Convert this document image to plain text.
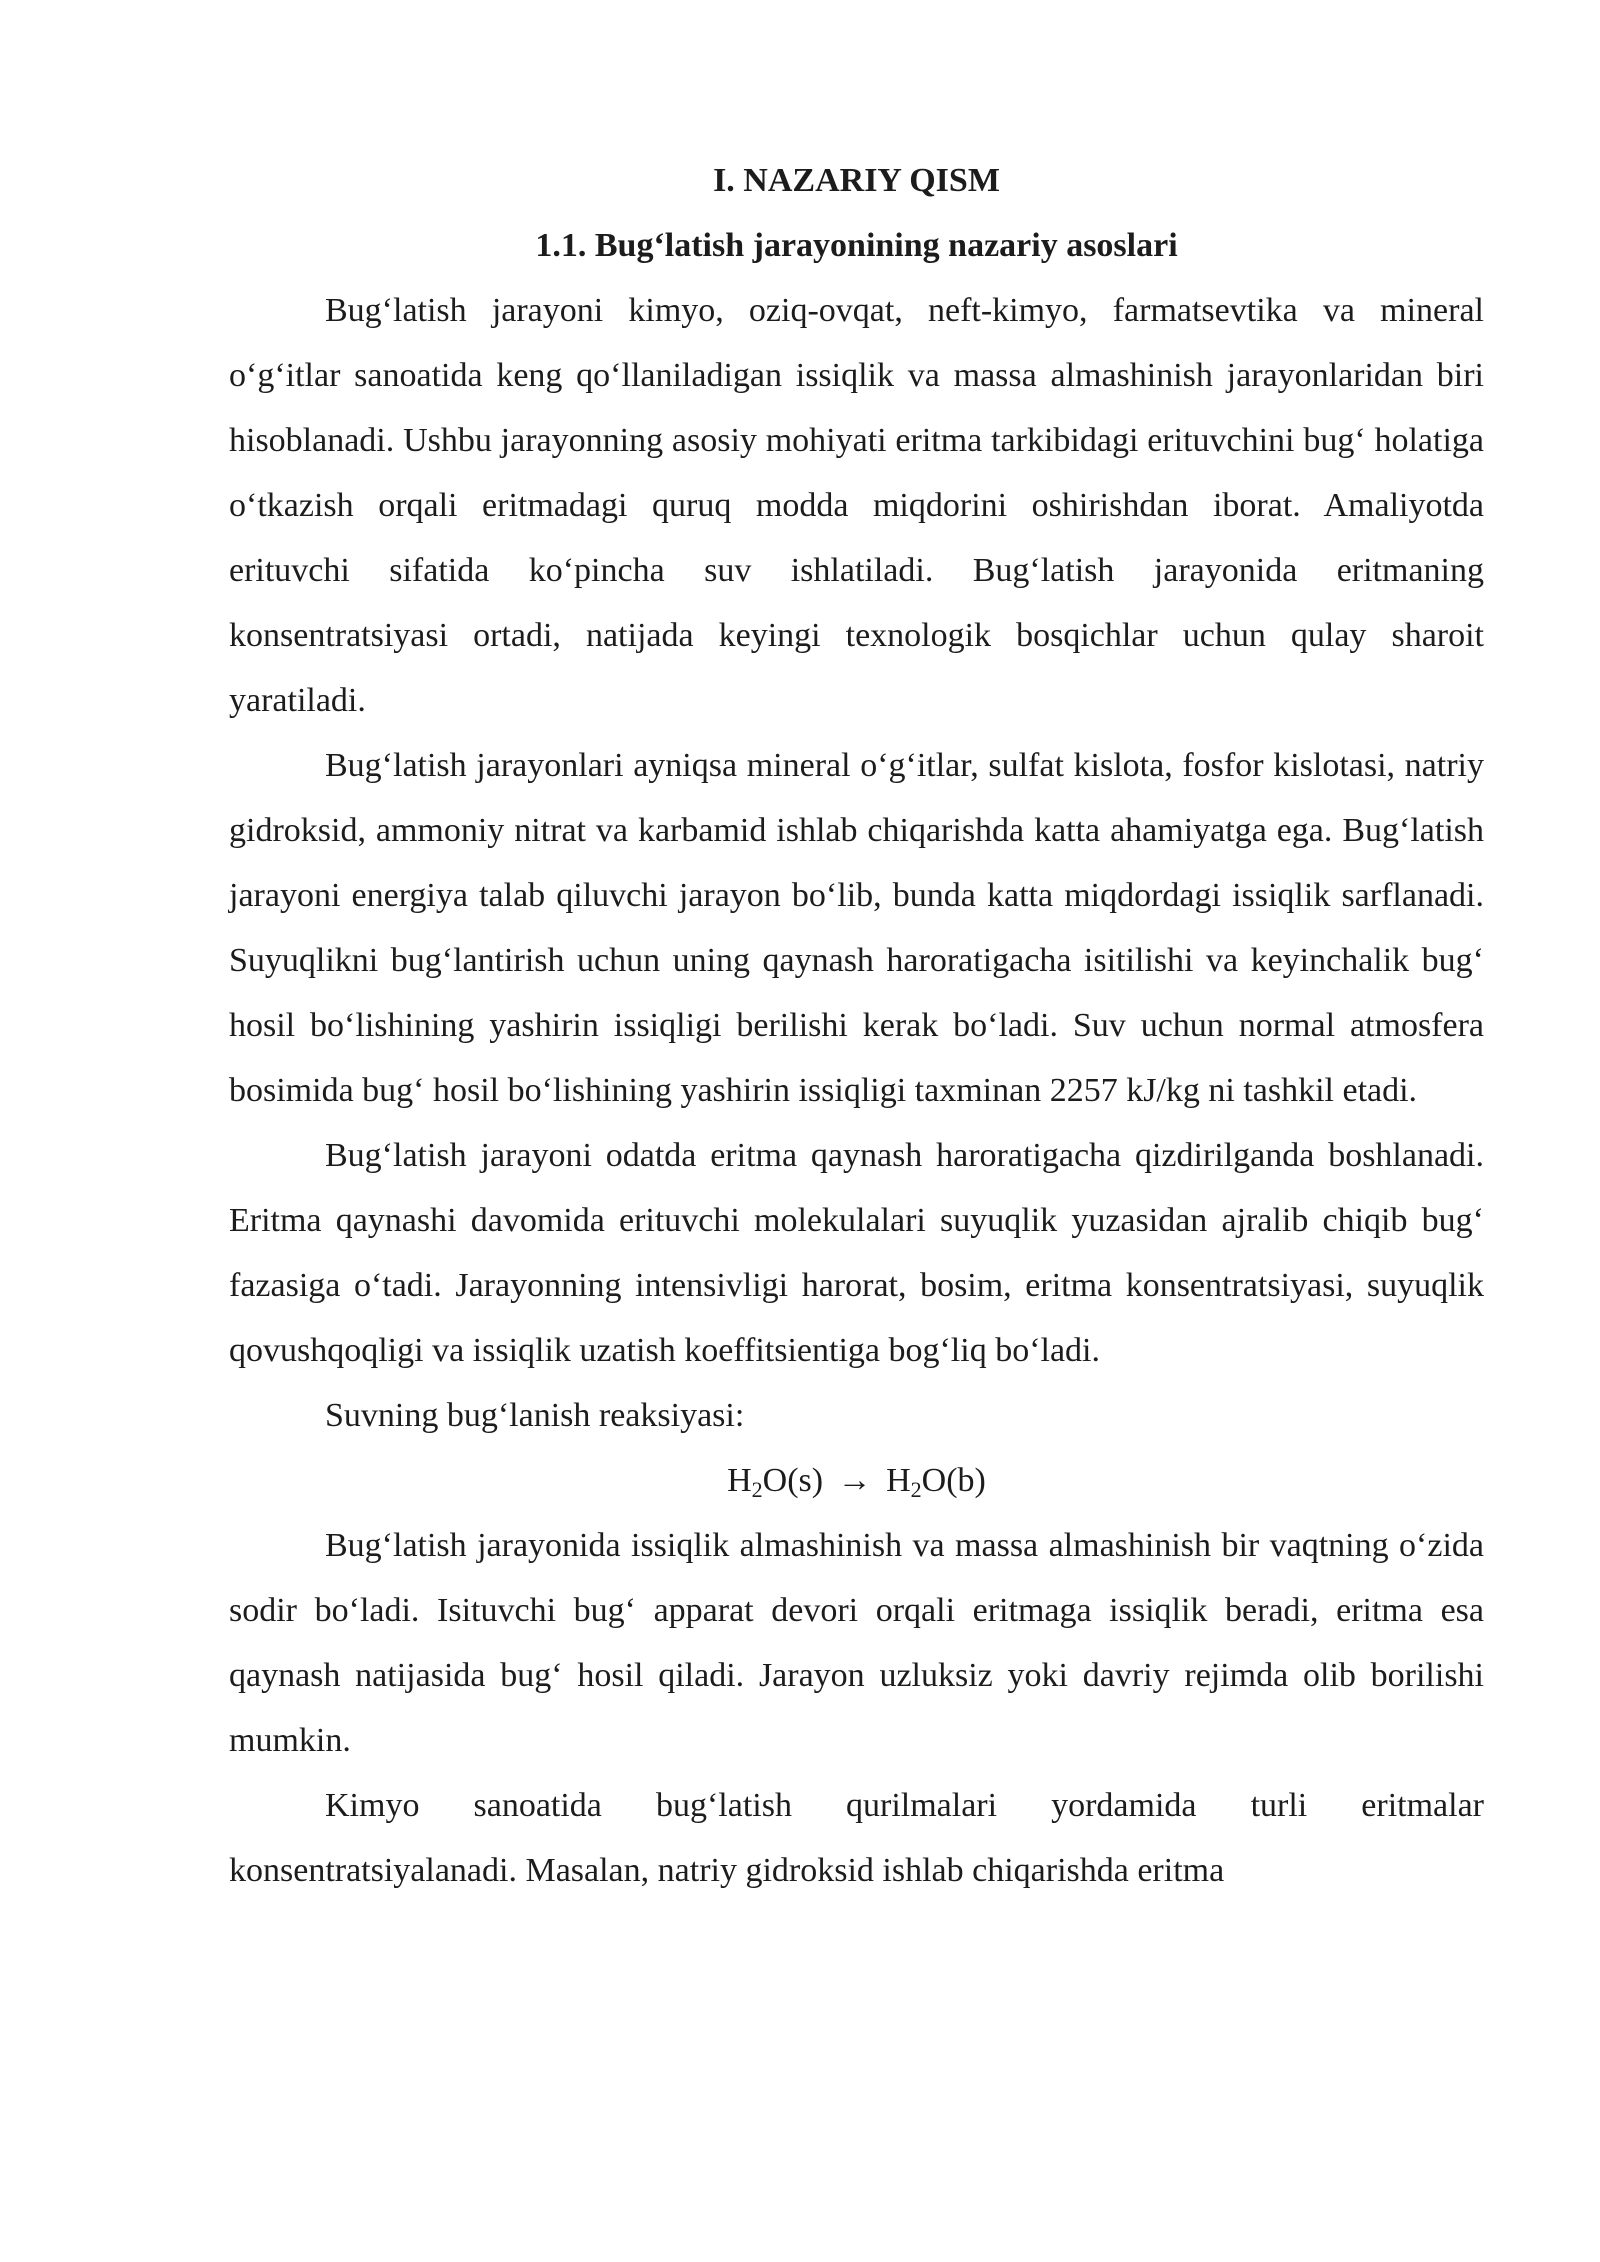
I. NAZARIY QISM
1.1. Bug‘latish jarayonining nazariy asoslari

Bug‘latish jarayoni kimyo, oziq-ovqat, neft-kimyo, farmatsevtika va mineral o‘g‘itlar sanoatida keng qo‘llaniladigan issiqlik va massa almashinish jarayonlaridan biri hisoblanadi. Ushbu jarayonning asosiy mohiyati eritma tarkibidagi erituvchini bug‘ holatiga o‘tkazish orqali eritmadagi quruq modda miqdorini oshirishdan iborat. Amaliyotda erituvchi sifatida ko‘pincha suv ishlatiladi. Bug‘latish jarayonida eritmaning konsentratsiyasi ortadi, natijada keyingi texnologik bosqichlar uchun qulay sharoit yaratiladi.

Bug‘latish jarayonlari ayniqsa mineral o‘g‘itlar, sulfat kislota, fosfor kislotasi, natriy gidroksid, ammoniy nitrat va karbamid ishlab chiqarishda katta ahamiyatga ega. Bug‘latish jarayoni energiya talab qiluvchi jarayon bo‘lib, bunda katta miqdordagi issiqlik sarflanadi. Suyuqlikni bug‘lantirish uchun uning qaynash haroratigacha isitilishi va keyinchalik bug‘ hosil bo‘lishining yashirin issiqligi berilishi kerak bo‘ladi. Suv uchun normal atmosfera bosimida bug‘ hosil bo‘lishining yashirin issiqligi taxminan 2257 kJ/kg ni tashkil etadi.

Bug‘latish jarayoni odatda eritma qaynash haroratigacha qizdirilganda boshlanadi. Eritma qaynashi davomida erituvchi molekulalari suyuqlik yuzasidan ajralib chiqib bug‘ fazasiga o‘tadi. Jarayonning intensivligi harorat, bosim, eritma konsentratsiyasi, suyuqlik qovushqoqligi va issiqlik uzatish koeffitsientiga bog‘liq bo‘ladi.

Suvning bug‘lanish reaksiyasi:

$H_2O(s) \to H_2O(b)$

Bug‘latish jarayonida issiqlik almashinish va massa almashinish bir vaqtning o‘zida sodir bo‘ladi. Isituvchi bug‘ apparat devori orqali eritmaga issiqlik beradi, eritma esa qaynash natijasida bug‘ hosil qiladi. Jarayon uzluksiz yoki davriy rejimda olib borilishi mumkin.

Kimyo sanoatida bug‘latish qurilmalari yordamida turli eritmalar konsentratsiyalanadi. Masalan, natriy gidroksid ishlab chiqarishda eritma
